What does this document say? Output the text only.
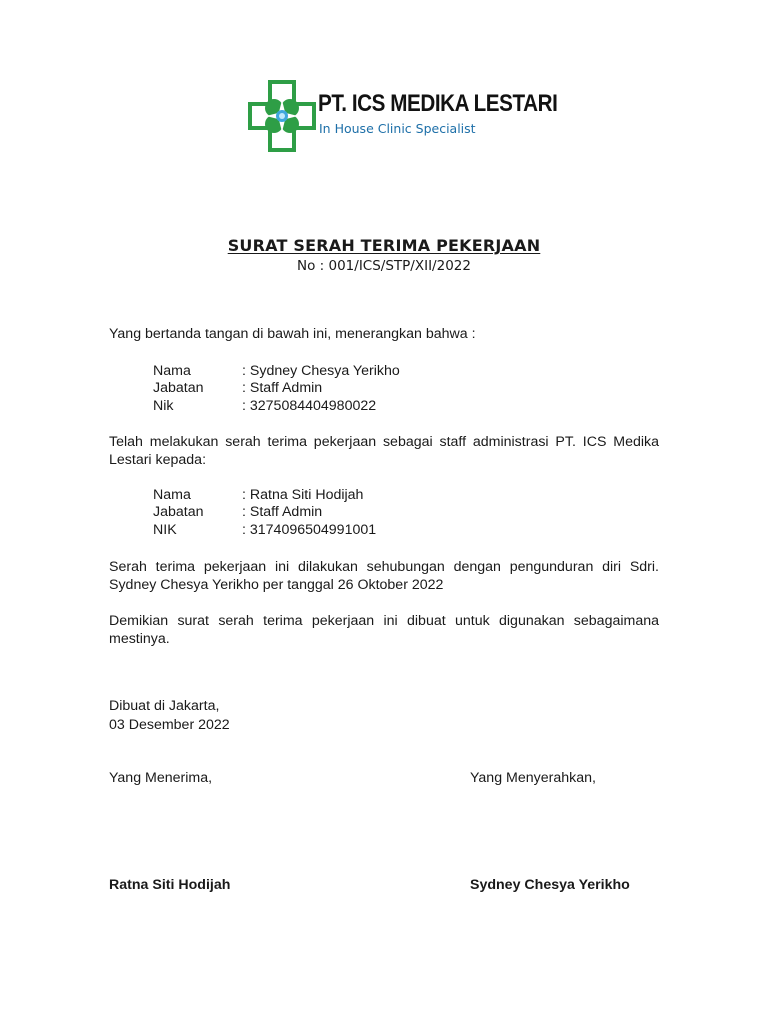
PT. ICS MEDIKA LESTARI
In House Clinic Specialist
SURAT SERAH TERIMA PEKERJAAN
No : 001/ICS/STP/XII/2022
Yang bertanda tangan di bawah ini, menerangkan bahwa :
Nama	: Sydney Chesya Yerikho
Jabatan	: Staff Admin
Nik	: 3275084404980022
Telah melakukan serah terima pekerjaan sebagai staff administrasi PT. ICS Medika Lestari kepada:
Nama	: Ratna Siti Hodijah
Jabatan	: Staff Admin
NIK	: 3174096504991001
Serah terima pekerjaan ini dilakukan sehubungan dengan pengunduran diri Sdri. Sydney Chesya Yerikho per tanggal 26 Oktober 2022
Demikian surat serah terima pekerjaan ini dibuat untuk digunakan sebagaimana mestinya.
Dibuat di Jakarta,
03 Desember 2022
Yang Menerima,	Yang Menyerahkan,
Ratna Siti Hodijah	Sydney Chesya Yerikho
